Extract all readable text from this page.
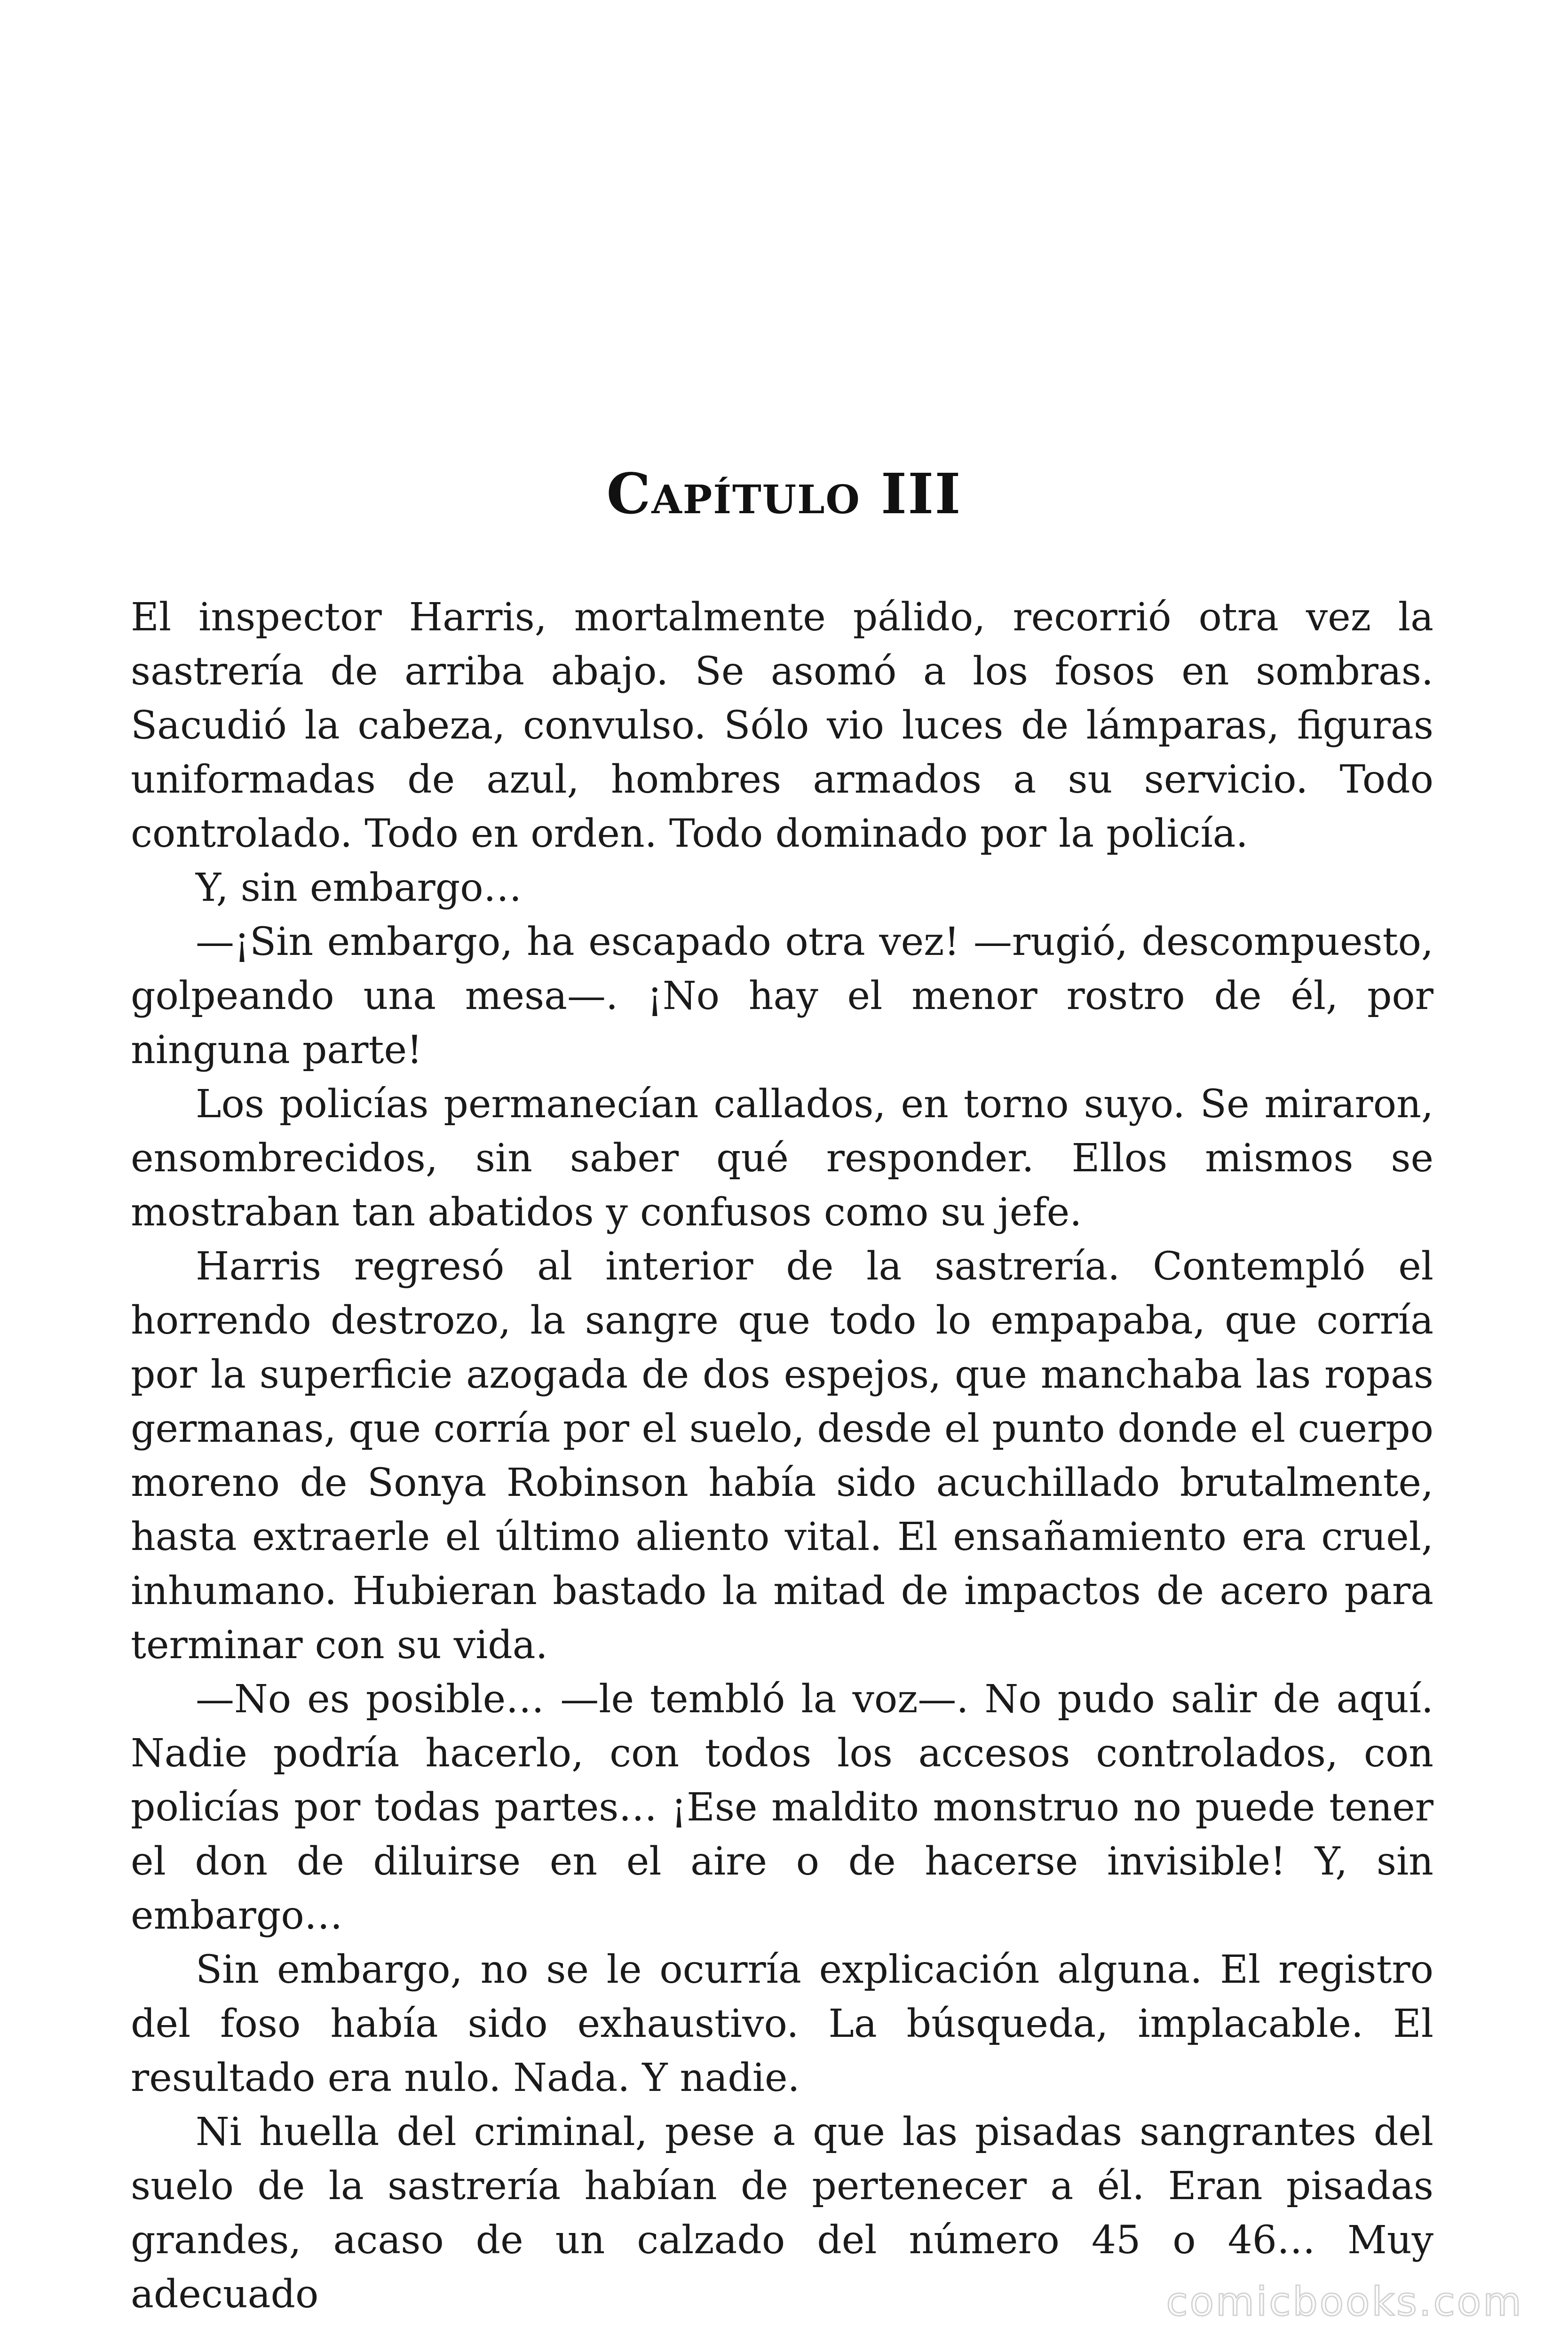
Capítulo III

El inspector Harris, mortalmente pálido, recorrió otra vez la sastrería de arriba abajo. Se asomó a los fosos en sombras. Sacudió la cabeza, convulso. Sólo vio luces de lámparas, figuras uniformadas de azul, hombres armados a su servicio. Todo controlado. Todo en orden. Todo dominado por la policía.

Y, sin embargo…

—¡Sin embargo, ha escapado otra vez! —rugió, descompuesto, golpeando una mesa—. ¡No hay el menor rostro de él, por ninguna parte!

Los policías permanecían callados, en torno suyo. Se miraron, ensombrecidos, sin saber qué responder. Ellos mismos se mostraban tan abatidos y confusos como su jefe.

Harris regresó al interior de la sastrería. Contempló el horrendo destrozo, la sangre que todo lo empapaba, que corría por la superficie azogada de dos espejos, que manchaba las ropas germanas, que corría por el suelo, desde el punto donde el cuerpo moreno de Sonya Robinson había sido acuchillado brutalmente, hasta extraerle el último aliento vital. El ensañamiento era cruel, inhumano. Hubieran bastado la mitad de impactos de acero para terminar con su vida.

—No es posible… —le tembló la voz—. No pudo salir de aquí. Nadie podría hacerlo, con todos los accesos controlados, con policías por todas partes… ¡Ese maldito monstruo no puede tener el don de diluirse en el aire o de hacerse invisible! Y, sin embargo…

Sin embargo, no se le ocurría explicación alguna. El registro del foso había sido exhaustivo. La búsqueda, implacable. El resultado era nulo. Nada. Y nadie.

Ni huella del criminal, pese a que las pisadas sangrantes del suelo de la sastrería habían de pertenecer a él. Eran pisadas grandes, acaso de un calzado del número 45 o 46… Muy adecuado	comicbooks.com
